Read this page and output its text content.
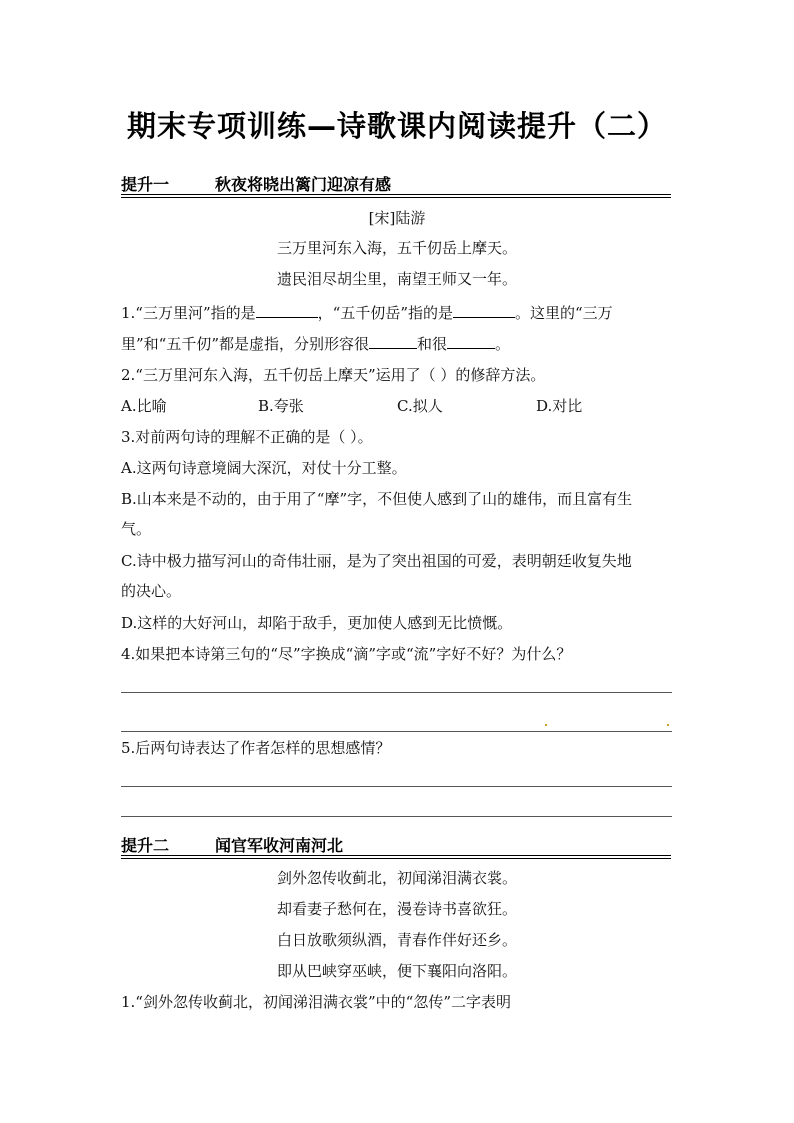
期末专项训练—诗歌课内阅读提升（二）
提升一	秋夜将晓出篱门迎凉有感
[宋]陆游
三万里河东入海，五千仞岳上摩天。
遗民泪尽胡尘里，南望王师又一年。
1.“三万里河”指的是	，“五千仞岳”指的是	。这里的“三万
里”和“五千仞”都是虚指，分别形容很	和很	。
2.“三万里河东入海，五千仞岳上摩天”运用了（ ）的修辞方法。
A.比喻	B.夸张	C.拟人	D.对比
3.对前两句诗的理解不正确的是（ ）。
A.这两句诗意境阔大深沉，对仗十分工整。
B.山本来是不动的，由于用了“摩”字，不但使人感到了山的雄伟，而且富有生
气。
C.诗中极力描写河山的奇伟壮丽，是为了突出祖国的可爱，表明朝廷收复失地
的决心。
D.这样的大好河山，却陷于敌手，更加使人感到无比愤慨。
4.如果把本诗第三句的“尽”字换成“滴”字或“流”字好不好？为什么？
5.后两句诗表达了作者怎样的思想感情？
提升二	闻官军收河南河北
剑外忽传收蓟北，初闻涕泪满衣裳。
却看妻子愁何在，漫卷诗书喜欲狂。
白日放歌须纵酒，青春作伴好还乡。
即从巴峡穿巫峡，便下襄阳向洛阳。
1.“剑外忽传收蓟北，初闻涕泪满衣裳”中的“忽传”二字表明
